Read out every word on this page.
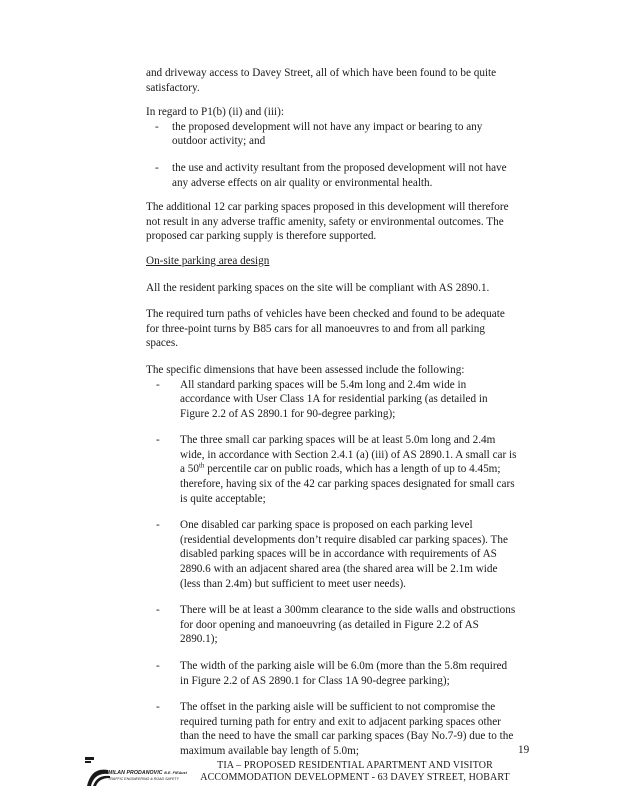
and driveway access to Davey Street, all of which have been found to be quite satisfactory.

In regard to P1(b) (ii) and (iii):

- the proposed development will not have any impact or bearing to any outdoor activity; and
- the use and activity resultant from the proposed development will not have any adverse effects on air quality or environmental health.

The additional 12 car parking spaces proposed in this development will therefore not result in any adverse traffic amenity, safety or environmental outcomes. The proposed car parking supply is therefore supported.

On-site parking area design

All the resident parking spaces on the site will be compliant with AS 2890.1.

The required turn paths of vehicles have been checked and found to be adequate for three-point turns by B85 cars for all manoeuvres to and from all parking spaces.

The specific dimensions that have been assessed include the following:

- All standard parking spaces will be 5.4m long and 2.4m wide in accordance with User Class 1A for residential parking (as detailed in Figure 2.2 of AS 2890.1 for 90-degree parking);
- The three small car parking spaces will be at least 5.0m long and 2.4m wide, in accordance with Section 2.4.1 (a) (iii) of AS 2890.1. A small car is a 50th percentile car on public roads, which has a length of up to 4.45m; therefore, having six of the 42 car parking spaces designated for small cars is quite acceptable;
- One disabled car parking space is proposed on each parking level (residential developments don’t require disabled car parking spaces). The disabled parking spaces will be in accordance with requirements of AS 2890.6 with an adjacent shared area (the shared area will be 2.1m wide (less than 2.4m) but sufficient to meet user needs).
- There will be at least a 300mm clearance to the side walls and obstructions for door opening and manoeuvring (as detailed in Figure 2.2 of AS 2890.1);
- The width of the parking aisle will be 6.0m (more than the 5.8m required in Figure 2.2 of AS 2890.1 for Class 1A 90-degree parking);
- The offset in the parking aisle will be sufficient to not compromise the required turning path for entry and exit to adjacent parking spaces other than the need to have the small car parking spaces (Bay No.7-9) due to the maximum available bay length of 5.0m;	19
MILAN PRODANOVIC B.E. FIEAust
TRAFFIC ENGINEERING & ROAD SAFETY
TIA – PROPOSED RESIDENTIAL APARTMENT AND VISITOR
ACCOMMODATION DEVELOPMENT - 63 DAVEY STREET, HOBART
